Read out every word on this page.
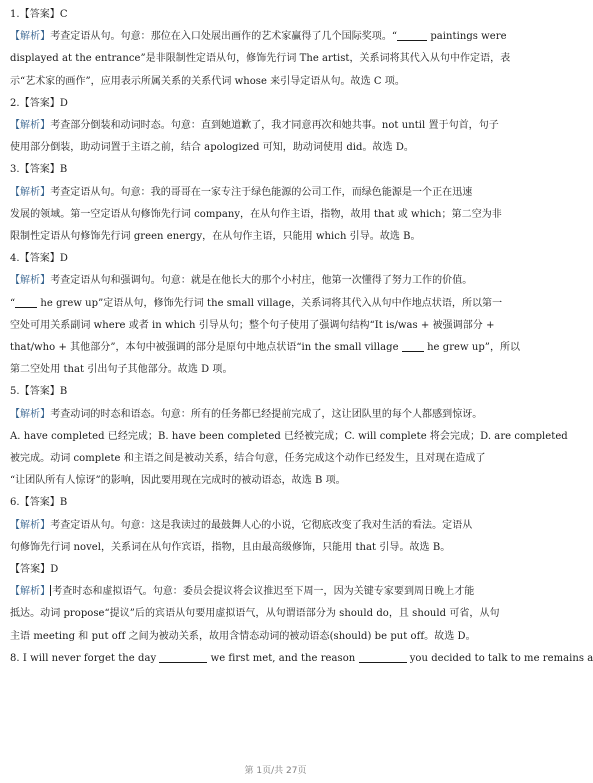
1.【答案】C
【解析】考查定语从句。句意：那位在入口处展出画作的艺术家赢得了几个国际奖项。“	paintings were
displayed at the entrance”是非限制性定语从句，修饰先行词 The artist，关系词将其代入从句中作定语，表
示“艺术家的画作”，应用表示所属关系的关系代词 whose 来引导定语从句。故选 C 项。
2.【答案】D
【解析】考查部分倒装和动词时态。句意：直到她道歉了，我才同意再次和她共事。not until 置于句首，句子
使用部分倒装，助动词置于主语之前，结合 apologized 可知，助动词使用 did。故选 D。
3.【答案】B
【解析】考查定语从句。句意：我的哥哥在一家专注于绿色能源的公司工作，而绿色能源是一个正在迅速
发展的领域。第一空定语从句修饰先行词 company，在从句作主语，指物，故用 that 或 which；第二空为非
限制性定语从句修饰先行词 green energy，在从句作主语，只能用 which 引导。故选 B。
4.【答案】D
【解析】考查定语从句和强调句。句意：就是在他长大的那个小村庄，他第一次懂得了努力工作的价值。
“	he grew up”定语从句，修饰先行词 the small village，关系词将其代入从句中作地点状语，所以第一
空处可用关系副词 where 或者 in which 引导从句；整个句子使用了强调句结构“It is/was + 被强调部分 +
that/who + 其他部分”，本句中被强调的部分是原句中地点状语“in the small village	he grew up”，所以
第二空处用 that 引出句子其他部分。故选 D 项。
5.【答案】B
【解析】考查动词的时态和语态。句意：所有的任务都已经提前完成了，这让团队里的每个人都感到惊讶。
A. have completed 已经完成；B. have been completed 已经被完成；C. will complete 将会完成；D. are completed
被完成。动词 complete 和主语之间是被动关系，结合句意，任务完成这个动作已经发生，且对现在造成了
“让团队所有人惊讶”的影响，因此要用现在完成时的被动语态，故选 B 项。
6.【答案】B
【解析】考查定语从句。句意：这是我读过的最鼓舞人心的小说，它彻底改变了我对生活的看法。定语从
句修饰先行词 novel，关系词在从句作宾语，指物，且由最高级修饰，只能用 that 引导。故选 B。
【答案】D
【解析】 考查时态和虚拟语气。句意：委员会提议将会议推迟至下周一，因为关键专家要到周日晚上才能
抵达。动词 propose“提议”后的宾语从句要用虚拟语气，从句谓语部分为 should do，且 should 可省，从句
主语 meeting 和 put off 之间为被动关系，故用含情态动词的被动语态(should) be put off。故选 D。
8. I will never forget the day	we first met, and the reason	you decided to talk to me remains a
第 1页/共 27页
